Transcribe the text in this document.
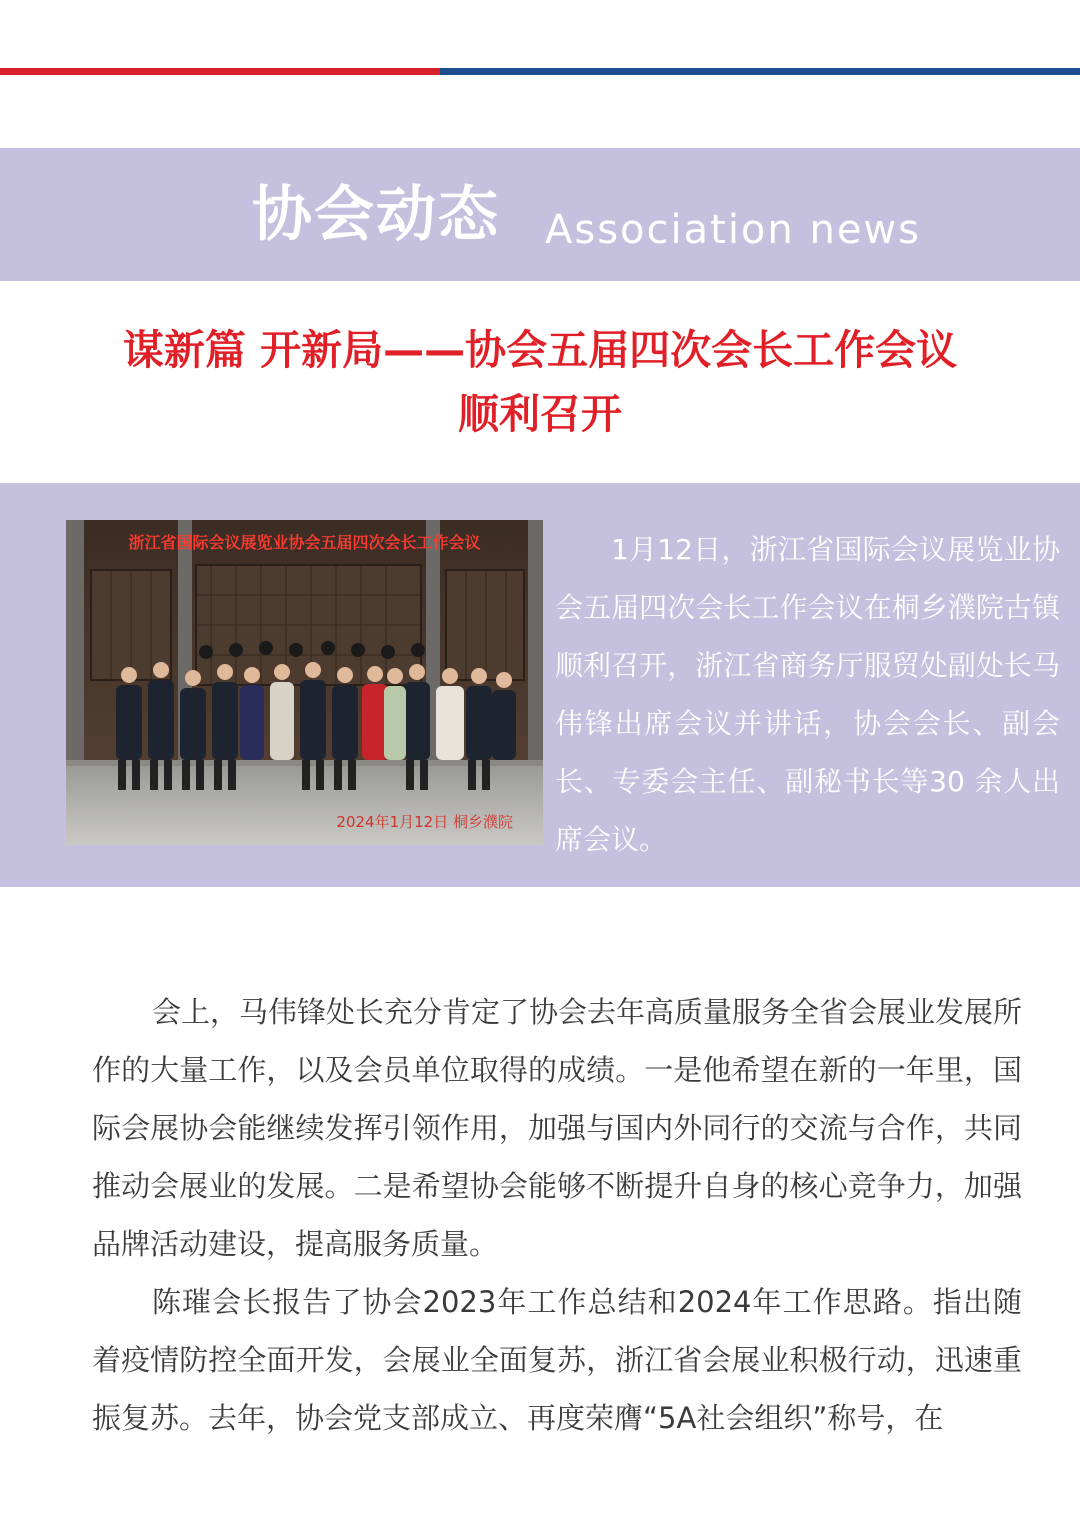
协会动态 Association news
谋新篇 开新局——协会五届四次会长工作会议
顺利召开
浙江省国际会议展览业协会五届四次会长工作会议
2024年1月12日 桐乡濮院

1月12日，浙江省国际会议展览业协会五届四次会长工作会议在桐乡濮院古镇顺利召开，浙江省商务厅服贸处副处长马伟锋出席会议并讲话，协会会长、副会长、专委会主任、副秘书长等30 余人出席会议。

会上，马伟锋处长充分肯定了协会去年高质量服务全省会展业发展所作的大量工作，以及会员单位取得的成绩。一是他希望在新的一年里，国际会展协会能继续发挥引领作用，加强与国内外同行的交流与合作，共同推动会展业的发展。二是希望协会能够不断提升自身的核心竞争力，加强品牌活动建设，提高服务质量。

陈璀会长报告了协会2023年工作总结和2024年工作思路。指出随着疫情防控全面开发，会展业全面复苏，浙江省会展业积极行动，迅速重振复苏。去年，协会党支部成立、再度荣膺“5A社会组织”称号，在
